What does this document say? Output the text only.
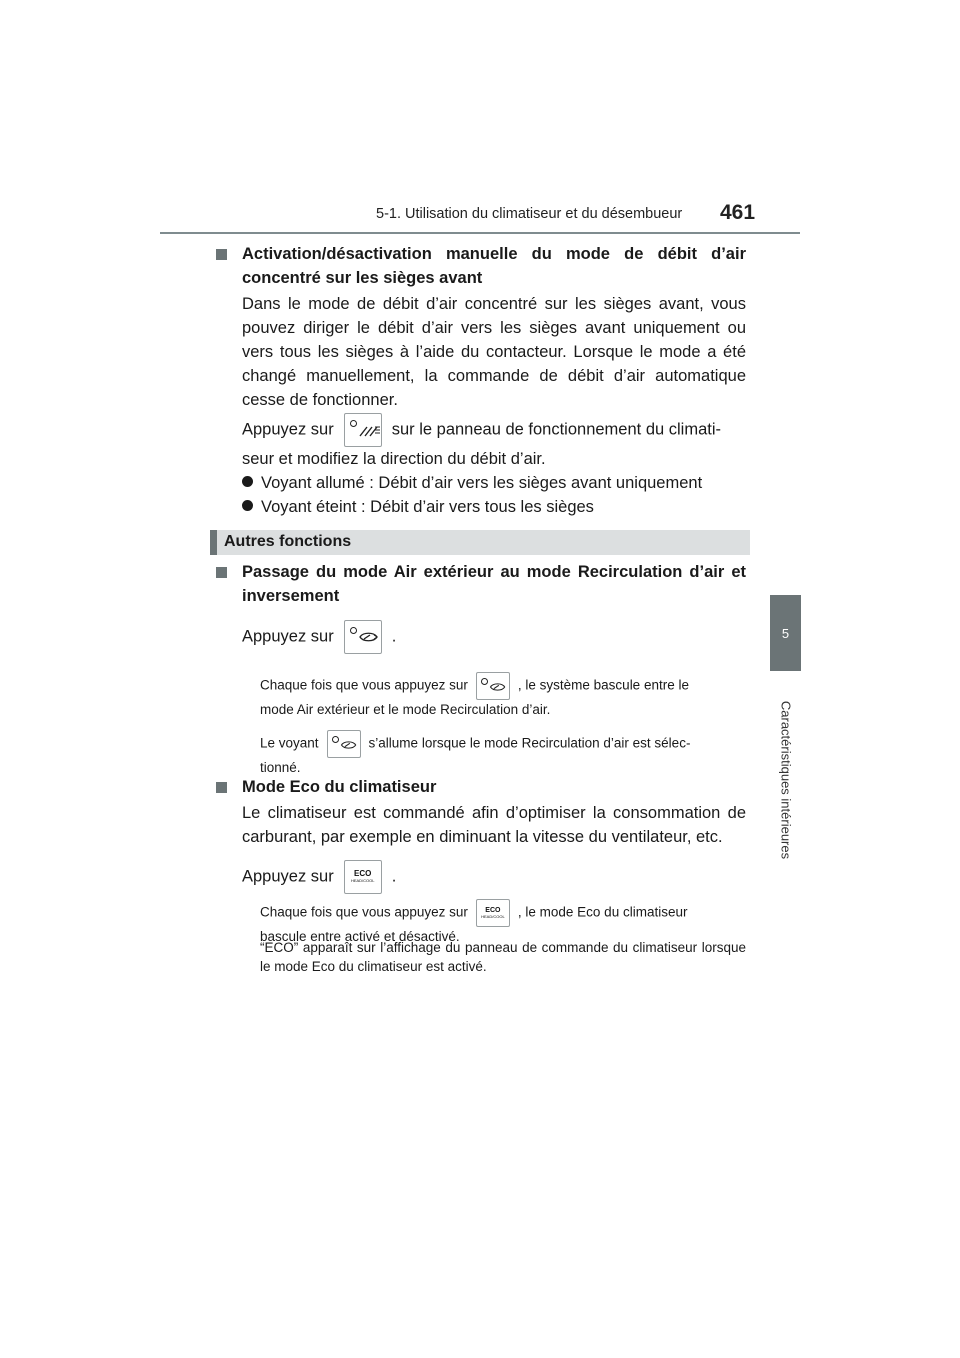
5-1. Utilisation du climatiseur et du désembueur 461
5
Caractéristiques intérieures
Activation/désactivation manuelle du mode de débit d’air concentré sur les sièges avant
Dans le mode de débit d’air concentré sur les sièges avant, vous pouvez diriger le débit d’air vers les sièges avant uniquement ou vers tous les sièges à l’aide du contacteur. Lorsque le mode a été changé manuellement, la commande de débit d’air automatique cesse de fonctionner.
Appuyez sur	sur le panneau de fonctionnement du climati-
seur et modifiez la direction du débit d’air.
Voyant allumé : Débit d’air vers les sièges avant uniquement
Voyant éteint : Débit d’air vers tous les sièges
Autres fonctions
Passage du mode Air extérieur au mode Recirculation d’air et inversement
Appuyez sur	.
Chaque fois que vous appuyez sur	, le système bascule entre le
mode Air extérieur et le mode Recirculation d’air.
Le voyant	s’allume lorsque le mode Recirculation d’air est sélec-
tionné.
Mode Eco du climatiseur
Le climatiseur est commandé afin d’optimiser la consommation de carburant, par exemple en diminuant la vitesse du ventilateur, etc.
Appuyez sur	ECO
HEAD/COOL	.
Chaque fois que vous appuyez sur	ECO
HEAD/COOL , le mode Eco du climatiseur
bascule entre activé et désactivé.
“ECO” apparaît sur l’affichage du panneau de commande du climatiseur lorsque le mode Eco du climatiseur est activé.
